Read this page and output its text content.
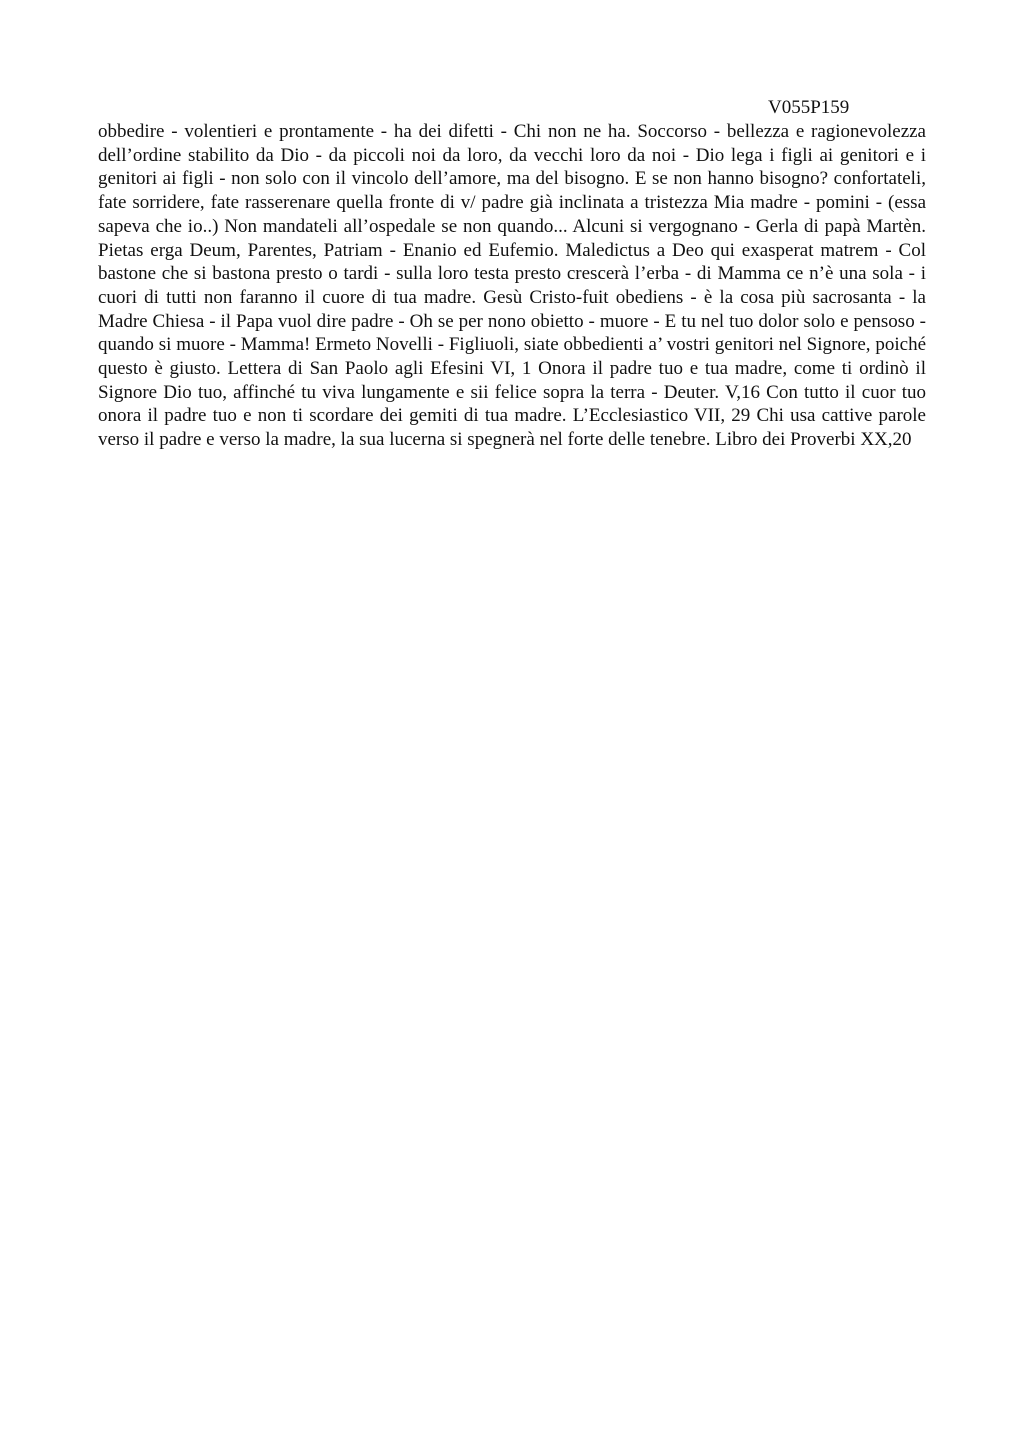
V055P159

obbedire - volentieri e prontamente - ha dei difetti - Chi non ne ha. Soccorso - bellezza e ragionevolezza dell’ordine stabilito da Dio - da piccoli noi da loro, da vecchi loro da noi - Dio lega i figli ai genitori e i genitori ai figli - non solo con il vincolo dell’amore, ma del bisogno. E se non hanno bisogno? confortateli, fate sorridere, fate rasserenare quella fronte di v/ padre già inclinata a tristezza Mia madre - pomini - (essa sapeva che io..) Non mandateli all’ospedale se non quando... Alcuni si vergognano - Gerla di papà Martèn. Pietas erga Deum, Parentes, Patriam - Enanio ed Eufemio. Maledictus a Deo qui exasperat matrem - Col bastone che si bastona presto o tardi - sulla loro testa presto crescerà l’erba - di Mamma ce n’è una sola - i cuori di tutti non faranno il cuore di tua madre. Gesù Cristo-fuit obediens - è la cosa più sacrosanta - la Madre Chiesa - il Papa vuol dire padre - Oh se per nono obietto - muore - E tu nel tuo dolor solo e pensoso - quando si muore - Mamma! Ermeto Novelli - Figliuoli, siate obbedienti a’ vostri genitori nel Signore, poiché questo è giusto. Lettera di San Paolo agli Efesini VI, 1 Onora il padre tuo e tua madre, come ti ordinò il Signore Dio tuo, affinché tu viva lungamente e sii felice sopra la terra - Deuter. V,16 Con tutto il cuor tuo onora il padre tuo e non ti scordare dei gemiti di tua madre. L’Ecclesiastico VII, 29 Chi usa cattive parole verso il padre e verso la madre, la sua lucerna si spegnerà nel forte delle tenebre. Libro dei Proverbi XX,20
